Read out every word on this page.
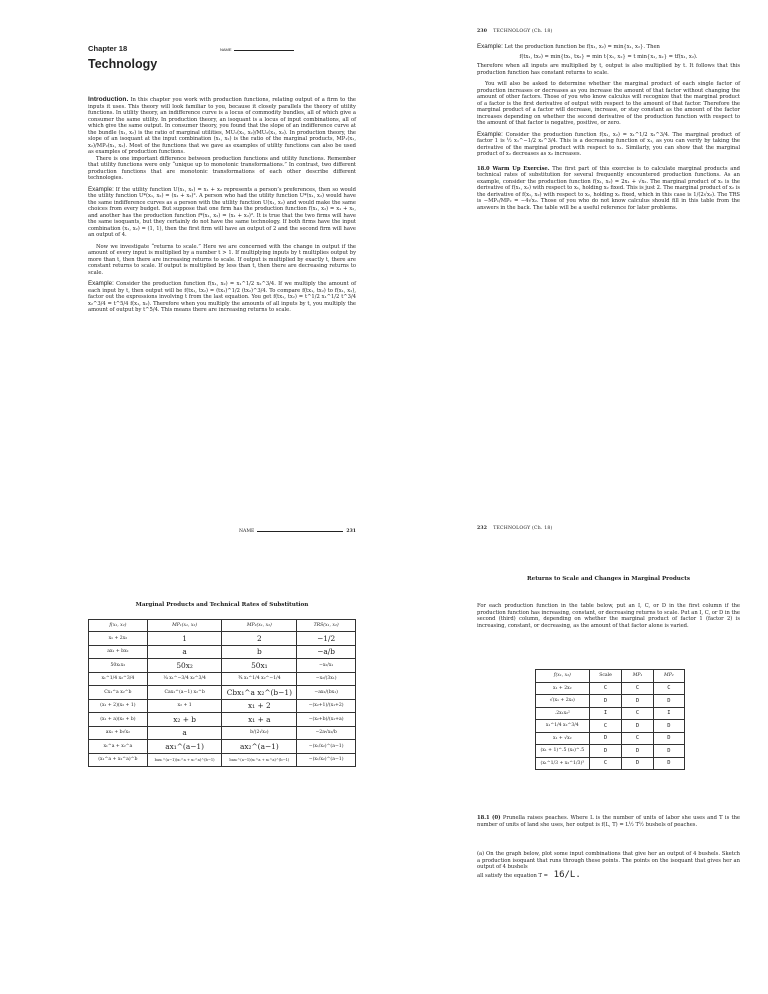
Chapter 18	NAME
Technology

Introduction. In this chapter you work with production functions, relating output of a firm to the inputs it uses. This theory will look familiar to you, because it closely parallels the theory of utility functions. In utility theory, an indifference curve is a locus of commodity bundles, all of which give a consumer the same utility. In production theory, an isoquant is a locus of input combinations, all of which give the same output. In consumer theory, you found that the slope of an indifference curve at the bundle (x₁, x₂) is the ratio of marginal utilities, MU₁(x₁, x₂)/MU₂(x₁, x₂). In production theory, the slope of an isoquant at the input combination (x₁, x₂) is the ratio of the marginal products, MP₁(x₁, x₂)/MP₂(x₁, x₂). Most of the functions that we gave as examples of utility functions can also be used as examples of production functions.

There is one important difference between production functions and utility functions. Remember that utility functions were only “unique up to monotonic transformations.” In contrast, two different production functions that are monotonic transformations of each other describe different technologies.

Example: If the utility function U(x₁, x₂) = x₁ + x₂ represents a person’s preferences, then so would the utility function U*(x₁, x₂) = (x₁ + x₂)². A person who had the utility function U*(x₁, x₂) would have the same indifference curves as a person with the utility function U(x₁, x₂) and would make the same choices from every budget. But suppose that one firm has the production function f(x₁, x₂) = x₁ + x₂, and another has the production function f*(x₁, x₂) = (x₁ + x₂)². It is true that the two firms will have the same isoquants, but they certainly do not have the same technology. If both firms have the input combination (x₁, x₂) = (1, 1), then the first firm will have an output of 2 and the second firm will have an output of 4.

Now we investigate “returns to scale.” Here we are concerned with the change in output if the amount of every input is multiplied by a number t > 1. If multiplying inputs by t multiplies output by more than t, then there are increasing returns to scale. If output is multiplied by exactly t, there are constant returns to scale. If output is multiplied by less than t, then there are decreasing returns to scale.

Example: Consider the production function f(x₁, x₂) = x₁^1/2 x₂^3/4. If we multiply the amount of each input by t, then output will be f(tx₁, tx₂) = (tx₁)^1/2 (tx₂)^3/4. To compare f(tx₁, tx₂) to f(x₁, x₂), factor out the expressions involving t from the last equation. You get f(tx₁, tx₂) = t^1/2 x₁^1/2 t^3/4 x₂^3/4 = t^5/4 f(x₁, x₂). Therefore when you multiply the amounts of all inputs by t, you multiply the amount of output by t^5/4. This means there are increasing returns to scale.

230 TECHNOLOGY (Ch. 18)

Example: Let the production function be f(x₁, x₂) = min{x₁, x₂}. Then

f(tx₁, tx₂) = min{tx₁, tx₂} = min t{x₁, x₂} = t min{x₁, x₂} = tf(x₁, x₂).

Therefore when all inputs are multiplied by t, output is also multiplied by t. It follows that this production function has constant returns to scale.

You will also be asked to determine whether the marginal product of each single factor of production increases or decreases as you increase the amount of that factor without changing the amount of other factors. Those of you who know calculus will recognize that the marginal product of a factor is the first derivative of output with respect to the amount of that factor. Therefore the marginal product of a factor will decrease, increase, or stay constant as the amount of the factor increases depending on whether the second derivative of the production function with respect to the amount of that factor is negative, positive, or zero.

Example: Consider the production function f(x₁, x₂) = x₁^1/2 x₂^3/4. The marginal product of factor 1 is ½ x₁^−1/2 x₂^3/4. This is a decreasing function of x₁, as you can verify by taking the derivative of the marginal product with respect to x₁. Similarly, you can show that the marginal product of x₂ decreases as x₂ increases.

18.0 Warm Up Exercise. The first part of this exercise is to calculate marginal products and technical rates of substitution for several frequently encountered production functions. As an example, consider the production function f(x₁, x₂) = 2x₁ + √x₂. The marginal product of x₁ is the derivative of f(x₁, x₂) with respect to x₁, holding x₂ fixed. This is just 2. The marginal product of x₂ is the derivative of f(x₁, x₂) with respect to x₂, holding x₁ fixed, which in this case is 1/(2√x₂). The TRS is −MP₁/MP₂ = −4√x₂. Those of you who do not know calculus should fill in this table from the answers in the back. The table will be a useful reference for later problems.

NAME	231
Marginal Products and Technical Rates of Substitution
f(x₁, x₂)	MP₁(x₁, x₂)	MP₂(x₁, x₂)	TRS(x₁, x₂)
x₁ + 2x₂	1	2	−1/2
ax₁ + bx₂	a	b	−a/b
50x₁x₂	50x₂	50x₁	−x₂/x₁
x₁^1/4 x₂^3/4	¼ x₁^−3/4 x₂^3/4	¾ x₁^1/4 x₂^−1/4	−x₂/(3x₁)
Cx₁^a x₂^b	Cax₁^(a−1) x₂^b	Cbx₁^a x₂^(b−1)	−ax₂/(bx₁)
(x₁ + 2)(x₂ + 1)	x₂ + 1	x₁ + 2	−(x₂+1)/(x₁+2)
(x₁ + a)(x₂ + b)	x₂ + b	x₁ + a	−(x₂+b)/(x₁+a)
ax₁ + b√x₂	a	b/(2√x₂)	−2a√x₂/b
x₁^a + x₂^a	ax₁^(a−1)	ax₂^(a−1)	−(x₁/x₂)^(a−1)
(x₁^a + x₂^a)^b	bax₁^(a−1)(x₁^a + x₂^a)^(b−1)	bax₂^(a−1)(x₁^a + x₂^a)^(b−1)	−(x₁/x₂)^(a−1)
232 TECHNOLOGY (Ch. 18)
Returns to Scale and Changes in Marginal Products
For each production function in the table below, put an I, C, or D in the first column if the production function has increasing, constant, or decreasing returns to scale. Put an I, C, or D in the second (third) column, depending on whether the marginal product of factor 1 (factor 2) is increasing, constant, or decreasing, as the amount of that factor alone is varied.
f(x₁, x₂)	Scale	MP₁	MP₂
x₁ + 2x₂	C	C	C
√(x₁ + 2x₂)	D	D	D
.2x₁x₂²	I	C	I
x₁^1/4 x₂^3/4	C	D	D
x₁ + √x₂	D	C	D
(x₁ + 1)^.5 (x₂)^.5	D	D	D
(x₁^1/3 + x₂^1/3)³	C	D	D

18.1 (0) Prunella raises peaches. Where L is the number of units of labor she uses and T is the number of units of land she uses, her output is f(L, T) = L½ T½ bushels of peaches.

(a) On the graph below, plot some input combinations that give her an output of 4 bushels. Sketch a production isoquant that runs through these points. The points on the isoquant that gives her an output of 4 bushels

all satisfy the equation T = 16/L.
